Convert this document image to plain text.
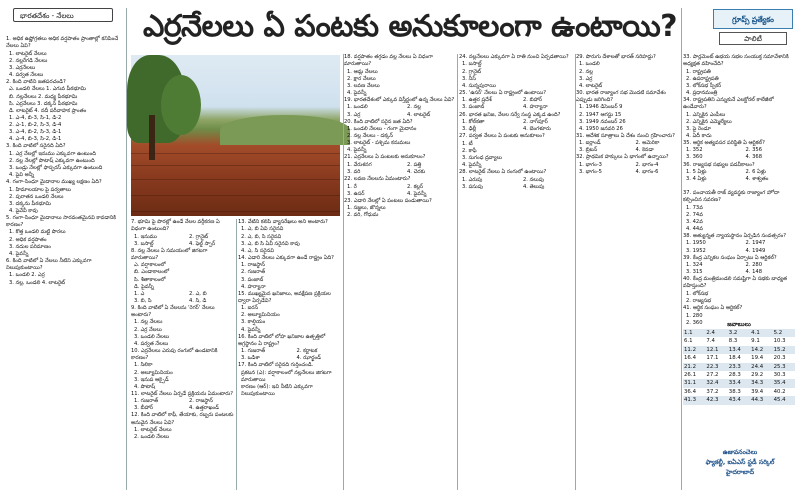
భారతదేశం - నేలలు	ఎర్రనేలలు ఏ పంటకు అనుకూలంగా ఉంటాయి?	గ్రూప్స్ ప్రత్యేకం
పాలిటీ
1. అధిక ఉష్ణోగ్రతలు అధిక వర్షపాతం ప్రాంతాల్లో కనిపించే నేలలు ఏవి?
1. లాటరైట్ నేలలు
2. నల్లరేగడి నేలలు
3. ఎర్రనేలలు
4. పర్వత నేలలు
2. కింది వాటిని జతపరచండి?
ఎ. ఒండలి నేలలు 1. ఎగువ పీఠభూమి
బి. నల్లనేలలు 2. మధ్య పీఠభూమి
సి. ఎర్రనేలలు 3. దక్కన్ పీఠభూమి
డి. లాటరైట్ 4. నదీ పరీవాహక ప్రాంతం
1. ఎ-4, బి-3, సి-1, డి-2
2. ఎ-1, బి-2, సి-3, డి-4
3. ఎ-4, బి-2, సి-3, డి-1
4. ఎ-4, బి-3, సి-2, డి-1
3. కింది వాటిలో సరైనది ఏది?
1. ఎర్ర నేలల్లో ఇనుము ఎక్కువగా ఉంటుంది
2. నల్ల నేలల్లో పొటాష్ ఎక్కువగా ఉంటుంది
3. ఒండ్రు నేలల్లో ఫాస్ఫరస్ ఎక్కువగా ఉంటుంది
4. పైవి అన్నీ
4. గంగా-సింధూ మైదానాల ముఖ్య లక్షణం ఏది?
1. హిమాలయాల పై పర్వతాలు
2. పురాతన ఒండలి నేలలు
3. దక్కను పీఠభూమి
4. పైవేవీ కావు
5. గంగా-సింధూ మైదానాలు సారవంతమైనవి కావడానికి కారణం?
1. కొత్త ఒండలి మట్టి పొరలు
2. అధిక వర్షపాతం
3. నదుల పరిమాణం
4. పైవన్నీ
6. కింది వాటిలో ఏ నేలలు నీటిని ఎక్కువగా నిలుపుకుంటాయి?
1. ఒండలి 2. ఎర్ర
3. నల్ల, ఒండలి 4. లాటరైట్
7. భూమి పై పొరల్లో ఉండే నేలల వర్గీకరణ ఏ విధంగా ఉంటుంది?
1. ఇనుము	2. గ్రానైట్
3. బసాల్ట్	4. ఫెల్డ్ స్పార్
8. నల్ల నేలలు ఏ సమయంలో జిగటగా మారుతాయి?
ఎ. వర్షాకాలంలో
బి. ఎండాకాలంలో
సి. శీతాకాలంలో
డి. పైవన్నీ
1. ఎ	2. ఎ, బి
3. బి, సి	4. సి, డి
9. కింది వాటిలో ఏ నేలలను 'రెగర్' నేలలు అంటారు?
1. నల్ల నేలలు
2. ఎర్ర నేలలు
3. ఒండలి నేలలు
4. పర్వత నేలలు
10. ఎర్రనేలలు ఎరుపు రంగులో ఉండటానికి కారణం?
1. సిలికా
2. అల్యూమినియం
3. ఇనుప ఆక్సైడ్
4. పొటాష్
11. లాటరైట్ నేలలు ఏర్పడే ప్రక్రియను ఏమంటారు?
1. గుజరాత్	2. రాజస్థాన్
3. బీహార్	4. ఉత్తరాఖండ్
12. కింది వాటిలో కాఫీ, తేయాకు, రబ్బరు పంటలకు అనువైన నేలలు ఏవి?
1. లాటరైట్ నేలలు
2. ఒండలి నేలలు
13. వేటిని కలిపి వ్యాసరేఖలు అని అంటారు?
1. ఎ, బి ఏవి సరైనవి
2. ఎ, బి, సి సరైనవి
3. ఎ, బి సి ఏవీ సరైనవి కావు
4. ఎ, సి సరైనవి
14. ఎడారి నేలలు ఎక్కువగా ఉండే రాష్ట్రం ఏది?
1. రాజస్థాన్
2. గుజరాత్
3. పంజాబ్
4. హర్యానా
15. ముఖ్యమైన ఖనిజాలు, అవక్షేపణ ప్రక్రియల ద్వారా ఏర్పడేవి?
1. ఐరన్
2. అల్యూమినియం
3. కాల్షియం
4. పైవన్నీ
16. కింది వాటిలో లోహ ఖనిజాల ఉత్పత్తిలో అగ్రస్థానం ఏ రాష్ట్రం?
1. గుజరాత్	2. కర్ణాటక
3. ఒడిశా	4. ఝార్ఖండ్
17. కింది వాటిలో సరైనది గుర్తించండి.
ప్రకటన (ఎ): వర్షాకాలంలో నల్లనేలలు జిగటగా మారుతాయి
కారణం (ఆర్): ఇవి నీటిని ఎక్కువగా నిలుపుకుంటాయి
18. వర్షపాతం తగ్గడం వల్ల నేలలు ఏ విధంగా మారుతాయి?
1. ఆమ్ల నేలలు
2. క్షార నేలలు
3. లవణ నేలలు
4. పైవన్నీ
19. భారతదేశంలో ఎక్కువ విస్తీర్ణంలో ఉన్న నేలలు ఏవి?
1. ఒండలి	2. నల్ల
3. ఎర్ర	4. లాటరైట్
20. కింది వాటిలో సరైన జత ఏది?
1. ఒండలి నేలలు - గంగా మైదానం
2. నల్ల నేలలు - దక్కన్
3. లాటరైట్ - పశ్చిమ కనుమలు
4. పైవన్నీ
21. ఎర్రనేలలు ఏ పంటలకు అనుకూలం?
1. వేరుశనగ	2. పత్తి
3. వరి	4. చెరకు
22. లవణ నేలలను ఏమంటారు?
1. రే	2. కల్లర్
3. ఉసర్	4. పైవన్నీ
23. ఎడారి నేలల్లో ఏ పంటలు పండుతాయి?
1. సజ్జలు, జొన్నలు
2. వరి, గోధుమ
24. నల్లనేలలు ఎక్కువగా ఏ రాతి నుంచి ఏర్పడతాయి?
1. బసాల్ట్
2. గ్రానైట్
3. నీస్
4. సున్నపురాయి
25. 'ఉసర్' నేలలు ఏ రాష్ట్రంలో ఉంటాయి?
1. ఉత్తర ప్రదేశ్	2. బిహార్
3. పంజాబ్	4. హర్యానా
26. భారత ఖనిజ, నేలల సర్వే సంస్థ ఎక్కడ ఉంది?
1. కోల్‌కతా	2. నాగ్‌పూర్
3. ఢిల్లీ	4. బెంగళూరు
27. పర్వత నేలలు ఏ పంటకు అనుకూలం?
1. టీ
2. కాఫీ
3. సుగంధ ద్రవ్యాలు
4. పైవన్నీ
28. లాటరైట్ నేలలు ఏ రంగులో ఉంటాయి?
1. ఎరుపు	2. నలుపు
3. పసుపు	4. తెలుపు
29. పొరుగు దేశాలతో భారత్ సరిహద్దు?
1. ఒండలి
2. నల్ల
3. ఎర్ర
4. లాటరైట్
30. భారత రాజ్యాంగ సభ మొదటి సమావేశం ఎప్పుడు జరిగింది?
1. 1946 డిసెంబర్ 9
2. 1947 ఆగస్టు 15
3. 1949 నవంబర్ 26
4. 1950 జనవరి 26
31. ఆదేశిక సూత్రాలు ఏ దేశం నుంచి గ్రహించారు?
1. ఐర్లాండ్	2. అమెరికా
3. బ్రిటన్	4. కెనడా
32. ప్రాథమిక హక్కులు ఏ భాగంలో ఉన్నాయి?
1. భాగం-3	2. భాగం-4
3. భాగం-5	4. భాగం-6
33. పార్లమెంట్ ఉభయ సభల సంయుక్త సమావేశానికి అధ్యక్షత వహించేది?
1. రాష్ట్రపతి
2. ఉపరాష్ట్రపతి
3. లోక్‌సభ స్పీకర్
4. ప్రధానమంత్రి
34. రాష్ట్రపతిని ఎన్నుకునే ఎలక్టోరల్ కాలేజీలో ఉండేవారు?
1. ఎన్నికైన ఎంపీలు
2. ఎన్నికైన ఎమ్మెల్యేలు
3. పై రెండూ
4. ఏదీ కాదు
35. ఆర్థిక అత్యవసర పరిస్థితి ఏ ఆర్టికల్?
1. 352	2. 356
3. 360	4. 368
36. రాజ్యసభ సభ్యుల పదవీకాలం?
1. 5 ఏళ్లు	2. 6 ఏళ్లు
3. 4 ఏళ్లు	4. శాశ్వతం
37. పంచాయతీ రాజ్ వ్యవస్థకు రాజ్యాంగ హోదా కల్పించిన సవరణ?
1. 73వ
2. 74వ
3. 42వ
4. 44వ
38. అత్యున్నత న్యాయస్థానం ఏర్పడిన సంవత్సరం?
1. 1950	2. 1947
3. 1952	4. 1949
39. కేంద్ర ఎన్నికల సంఘం ఏర్పాటు ఏ ఆర్టికల్?
1. 324	2. 280
3. 315	4. 148
40. కేంద్ర మంత్రిమండలి సమష్టిగా ఏ సభకు బాధ్యత వహిస్తుంది?
1. లోక్‌సభ
2. రాజ్యసభ
41. ఆర్థిక సంఘం ఏ ఆర్టికల్?
1. 280
2. 360	జవాబులు
1.1	2.4	3.2	4.1	5.2
6.1	7.4	8.3	9.1	10.3
11.2	12.1	13.4	14.2	15.2
16.4	17.1	18.4	19.4	20.3
21.2	22.3	23.3	24.4	25.3
26.1	27.2	28.3	29.2	30.3
31.1	32.4	33.4	34.3	35.4
36.4	37.2	38.3	39.4	40.2
41.3	42.3	43.4	44.3	45.4
ఉజువనంచెలు
ఫ్యాకల్టీ, ఐఏఎస్ స్టడీ సర్కిల్
హైదరాబాద్
